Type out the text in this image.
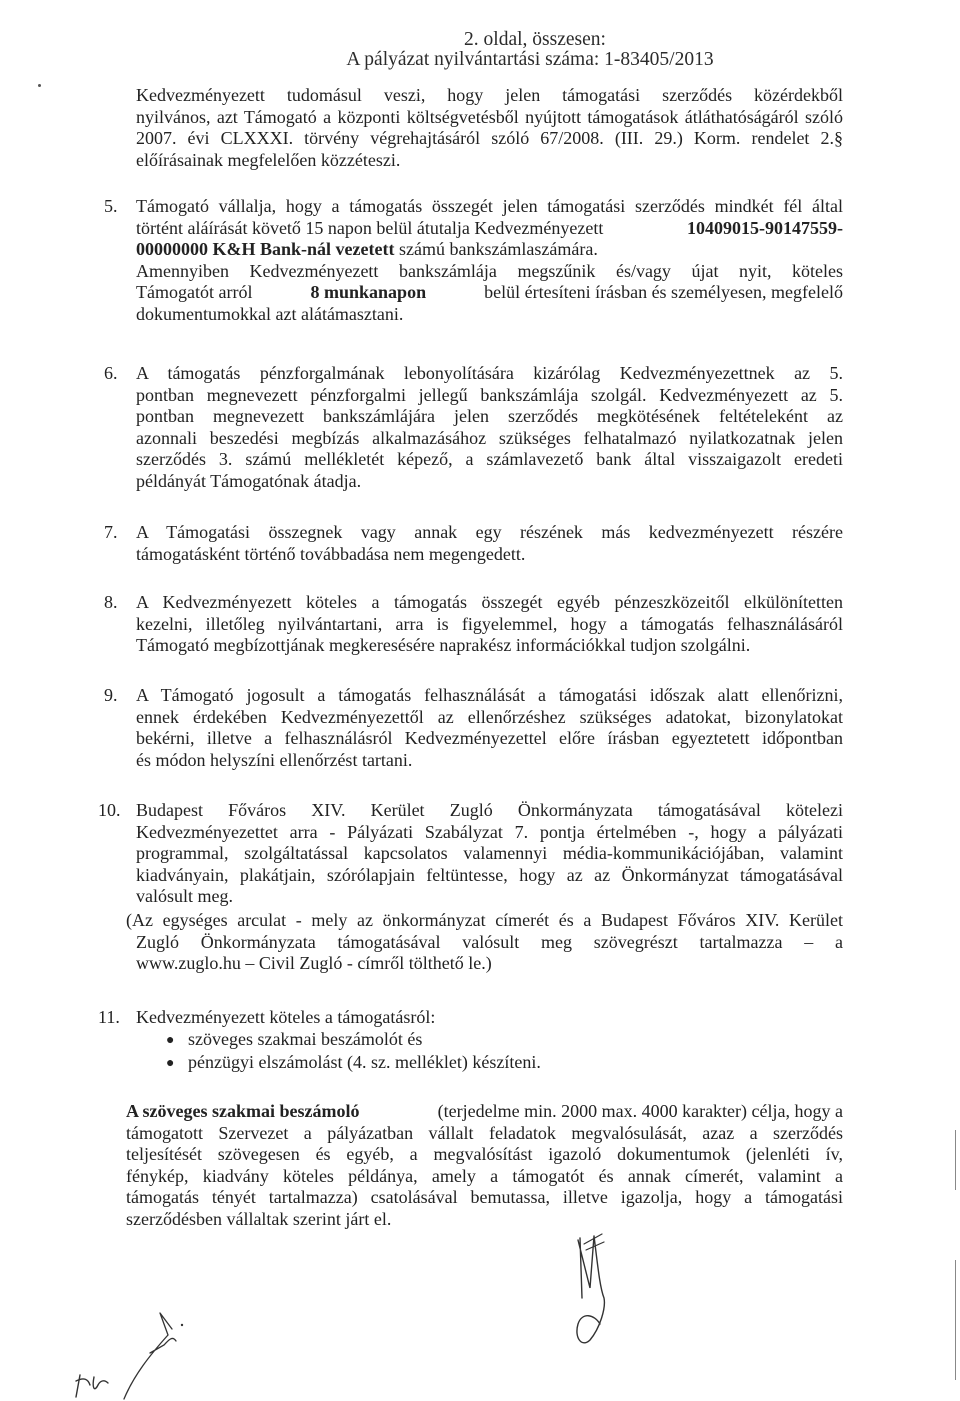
2. oldal, összesen:
A pályázat nyilvántartási száma: 1-83405/2013
Kedvezményezett tudomásul veszi, hogy jelen támogatási szerződés közérdekből
nyilvános, azt Támogató a központi költségvetésből nyújtott támogatások átláthatóságáról szóló
2007. évi CLXXXI. törvény végrehajtásáról szóló 67/2008. (III. 29.) Korm. rendelet 2.§
előírásainak megfelelően közzéteszi.
5. Támogató vállalja, hogy a támogatás összegét jelen támogatási szerződés mindkét fél által
történt aláírását követő 15 napon belül átutalja Kedvezményezett	10409015-90147559-
00000000 K&H Bank-nál vezetett számú bankszámlaszámára.
Amennyiben Kedvezményezett bankszámlája megszűnik és/vagy újat nyit, köteles
Támogatót arról	8 munkanapon	belül értesíteni írásban és személyesen, megfelelő
dokumentumokkal azt alátámasztani.
6. A támogatás pénzforgalmának lebonyolítására kizárólag Kedvezményezettnek az 5.
pontban megnevezett pénzforgalmi jellegű bankszámlája szolgál. Kedvezményezett az 5.
pontban megnevezett bankszámlájára jelen szerződés megkötésének feltételeként az
azonnali beszedési megbízás alkalmazásához szükséges felhatalmazó nyilatkozatnak jelen
szerződés 3. számú mellékletét képező, a számlavezető bank által visszaigazolt eredeti
példányát Támogatónak átadja.
7. A Támogatási összegnek vagy annak egy részének más kedvezményezett részére
támogatásként történő továbbadása nem megengedett.
8. A Kedvezményezett köteles a támogatás összegét egyéb pénzeszközeitől elkülönítetten
kezelni, illetőleg nyilvántartani, arra is figyelemmel, hogy a támogatás felhasználásáról
Támogató megbízottjának megkeresésére naprakész információkkal tudjon szolgálni.
9. A Támogató jogosult a támogatás felhasználását a támogatási időszak alatt ellenőrizni,
ennek érdekében Kedvezményezettől az ellenőrzéshez szükséges adatokat, bizonylatokat
bekérni, illetve a felhasználásról Kedvezményezettel előre írásban egyeztetett időpontban
és módon helyszíni ellenőrzést tartani.
10. Budapest Főváros XIV. Kerület Zugló Önkormányzata támogatásával kötelezi
Kedvezményezettet arra - Pályázati Szabályzat 7. pontja értelmében -, hogy a pályázati
programmal, szolgáltatással kapcsolatos valamennyi média-kommunikációjában, valamint
kiadványain, plakátjain, szórólapjain feltüntesse, hogy az az Önkormányzat támogatásával
valósult meg.
(Az egységes arculat - mely az önkormányzat címerét és a Budapest Főváros XIV. Kerület
Zugló Önkormányzata támogatásával valósult meg szövegrészt tartalmazza – a
www.zuglo.hu – Civil Zugló - címről tölthető le.)
11. Kedvezményezett köteles a támogatásról:
● szöveges szakmai beszámolót és
● pénzügyi elszámolást (4. sz. melléklet) készíteni.
A szöveges szakmai beszámoló	(terjedelme min. 2000 max. 4000 karakter) célja, hogy a
támogatott Szervezet a pályázatban vállalt feladatok megvalósulását, azaz a szerződés
teljesítését szövegesen és egyéb, a megvalósítást igazoló dokumentumok (jelenléti ív,
fénykép, kiadvány köteles példánya, amely a támogatót és annak címerét, valamint a
támogatás tényét tartalmazza) csatolásával bemutassa, illetve igazolja, hogy a támogatási
szerződésben vállaltak szerint járt el.
